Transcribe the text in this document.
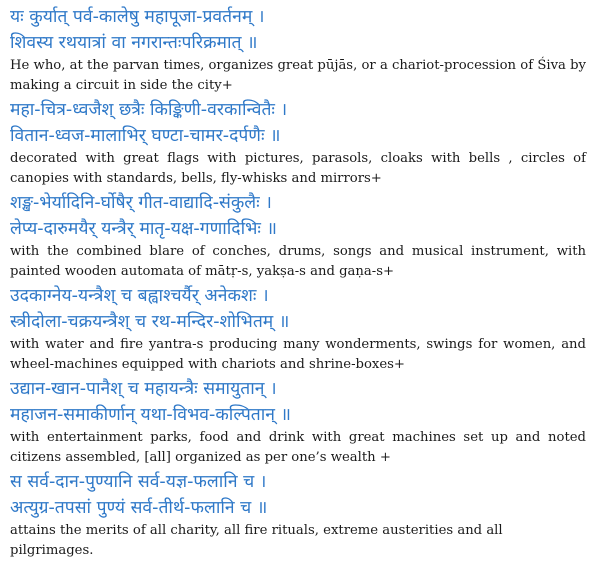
यः कुर्यात् पर्व-कालेषु महापूजा-प्रवर्तनम् ।
शिवस्य रथयात्रां वा नगरान्तःपरिक्रमात् ॥
He who, at the parvan times, organizes great pūjās, or a chariot-procession of Śiva by making a circuit in side the city+
महा-चित्र-ध्वजैश् छत्रैः किङ्किणी-वरकान्वितैः ।
वितान-ध्वज-मालाभिर् घण्टा-चामर-दर्पणैः ॥
decorated with great flags with pictures, parasols, cloaks with bells , circles of canopies with standards, bells, fly-whisks and mirrors+
शङ्ख-भेर्यादिनि-र्घोषैर् गीत-वाद्यादि-संकुलैः ।
लेप्य-दारुमयैर् यन्त्रैर् मातृ-यक्ष-गणादिभिः ॥
with the combined blare of conches, drums, songs and musical instrument, with painted wooden automata of mātṛ-s, yakṣa-s and gaṇa-s+
उदकाग्नेय-यन्त्रैश् च बह्वाश्चर्यैर् अनेकशः ।
स्त्रीदोला-चक्रयन्त्रैश् च रथ-मन्दिर-शोभितम् ॥
with water and fire yantra-s producing many wonderments, swings for women, and wheel-machines equipped with chariots and shrine-boxes+
उद्यान-खान-पानैश् च महायन्त्रैः समायुतान् ।
महाजन-समाकीर्णान् यथा-विभव-कल्पितान् ॥
with entertainment parks, food and drink with great machines set up and noted citizens assembled, [all] organized as per one’s wealth +
स सर्व-दान-पुण्यानि सर्व-यज्ञ-फलानि च ।
अत्युग्र-तपसां पुण्यं सर्व-तीर्थ-फलानि च ॥
attains the merits of all charity, all fire rituals, extreme austerities and all pilgrimages.
